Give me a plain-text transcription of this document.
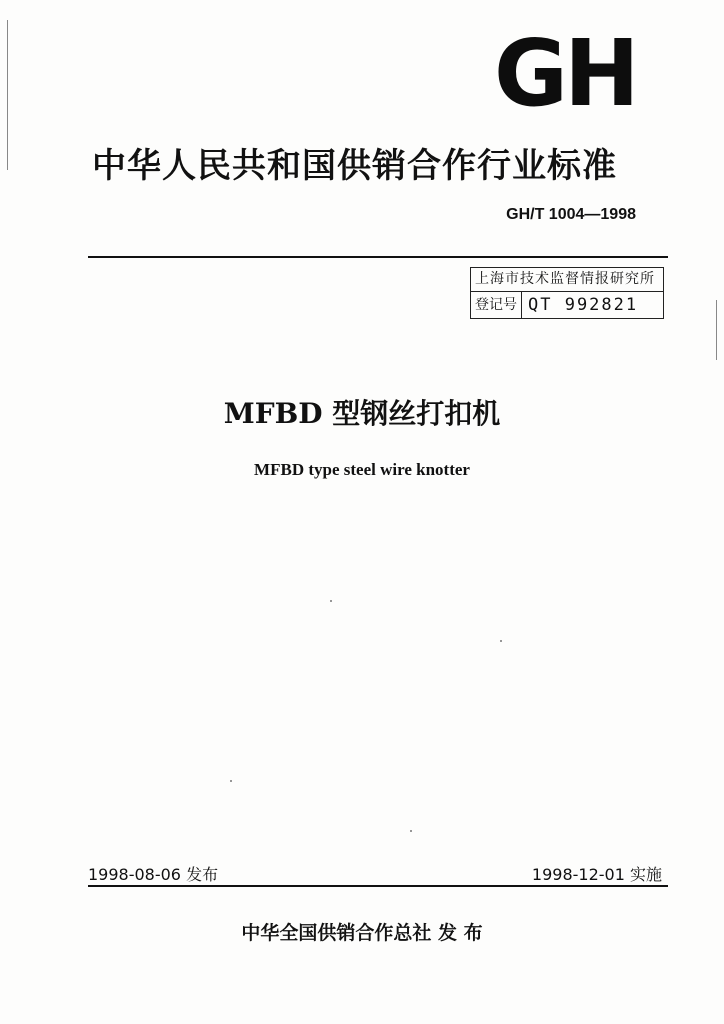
GH
中华人民共和国供销合作行业标准
GH/T 1004—1998
上海市技术监督情报研究所
登记号 QT 992821
MFBD 型钢丝打扣机
MFBD type steel wire knotter
1998-08-06 发布	1998-12-01 实施
中华全国供销合作总社 发 布
